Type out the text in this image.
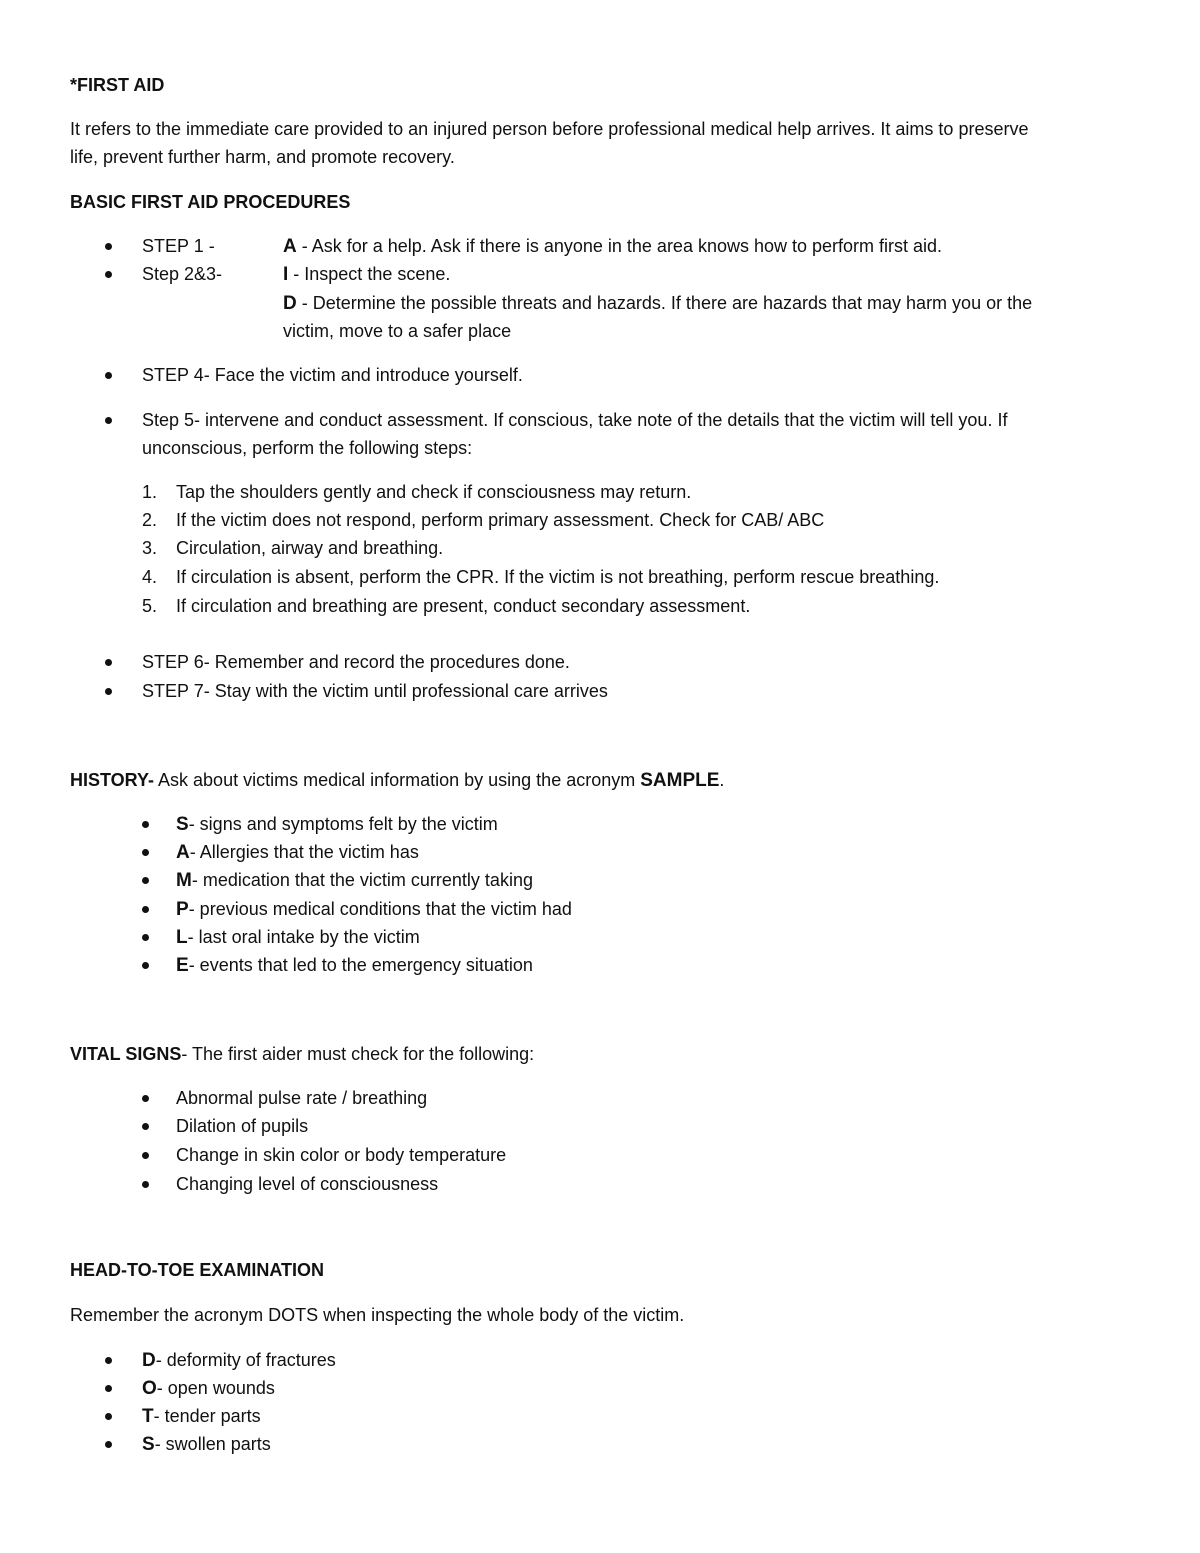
*FIRST AID
It refers to the immediate care provided to an injured person before professional medical help arrives. It aims to preserve
life, prevent further harm, and promote recovery.
BASIC FIRST AID PROCEDURES
STEP 1 -	A - Ask for a help. Ask if there is anyone in the area knows how to perform first aid.
Step 2&3-	I - Inspect the scene.
D - Determine the possible threats and hazards. If there are hazards that may harm you or the
victim, move to a safer place
STEP 4- Face the victim and introduce yourself.
Step 5- intervene and conduct assessment. If conscious, take note of the details that the victim will tell you. If
unconscious, perform the following steps:
1. Tap the shoulders gently and check if consciousness may return.
2. If the victim does not respond, perform primary assessment. Check for CAB/ ABC
3. Circulation, airway and breathing.
4. If circulation is absent, perform the CPR. If the victim is not breathing, perform rescue breathing.
5. If circulation and breathing are present, conduct secondary assessment.
STEP 6- Remember and record the procedures done.
STEP 7- Stay with the victim until professional care arrives
HISTORY- Ask about victims medical information by using the acronym SAMPLE.
S- signs and symptoms felt by the victim
A- Allergies that the victim has
M- medication that the victim currently taking
P- previous medical conditions that the victim had
L- last oral intake by the victim
E- events that led to the emergency situation
VITAL SIGNS- The first aider must check for the following:
Abnormal pulse rate / breathing
Dilation of pupils
Change in skin color or body temperature
Changing level of consciousness
HEAD-TO-TOE EXAMINATION
Remember the acronym DOTS when inspecting the whole body of the victim.
D- deformity of fractures
O- open wounds
T- tender parts
S- swollen parts
